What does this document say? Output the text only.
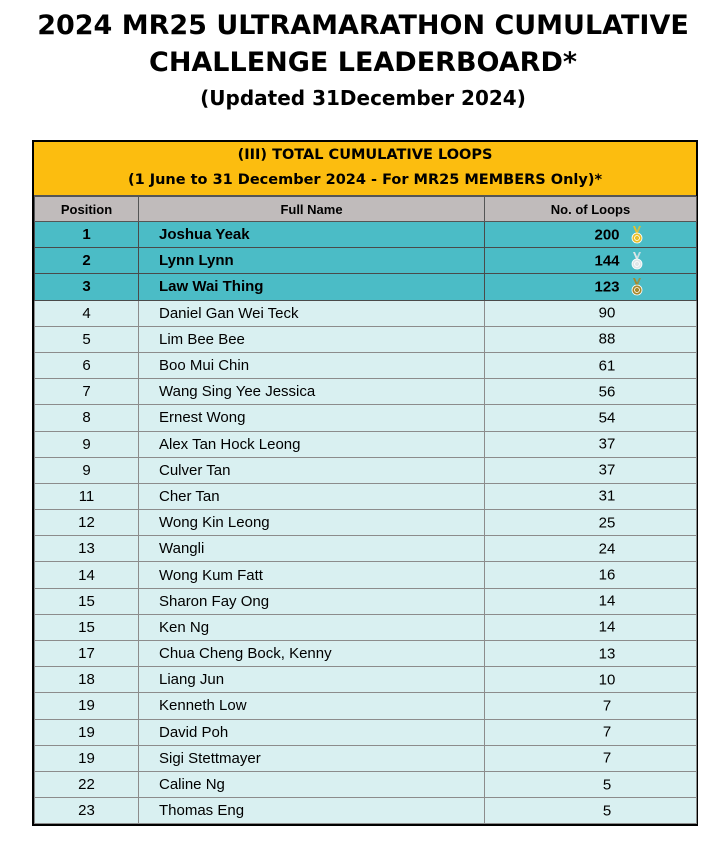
2024 MR25 ULTRAMARATHON CUMULATIVE
CHALLENGE LEADERBOARD*
(Updated 31December 2024)
(III) TOTAL CUMULATIVE LOOPS
(1 June to 31 December 2024 - For MR25 MEMBERS Only)*
Position	Full Name	No. of Loops
1	Joshua Yeak	200

2	Lynn Lynn	144

3	Law Wai Thing	123

4	Daniel Gan Wei Teck	90

5	Lim Bee Bee	88

6	Boo Mui Chin	61

7	Wang Sing Yee Jessica	56

8	Ernest Wong	54

9	Alex Tan Hock Leong	37

9	Culver Tan	37

11	Cher Tan	31

12	Wong Kin Leong	25

13	Wangli	24

14	Wong Kum Fatt	16

15	Sharon Fay Ong	14

15	Ken Ng	14

17	Chua Cheng Bock, Kenny	13

18	Liang Jun	10

19	Kenneth Low	7

19	David Poh	7

19	Sigi Stettmayer	7

22	Caline Ng	5

23	Thomas Eng	5
